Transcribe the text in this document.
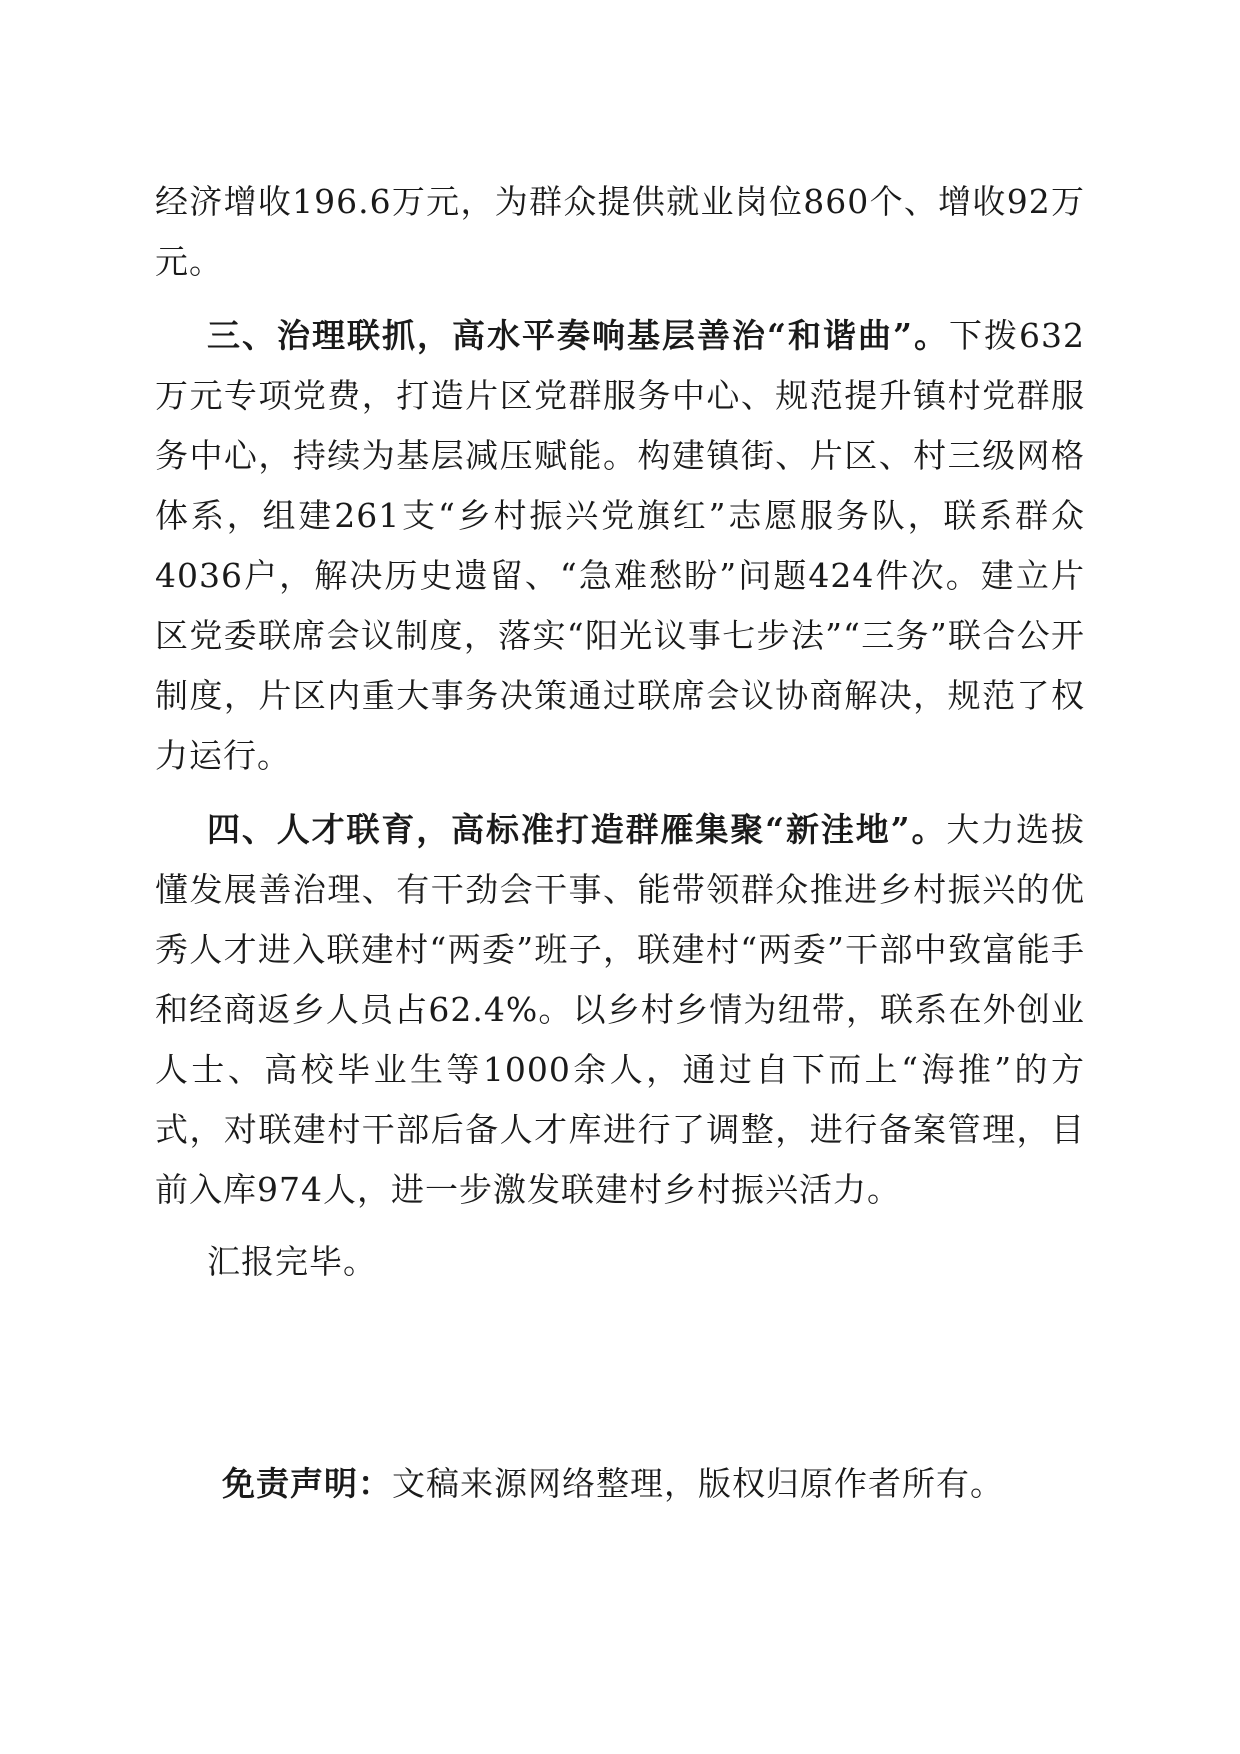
经济增收196.6万元，为群众提供就业岗位860个、增收92万元。

三、治理联抓，高水平奏响基层善治“和谐曲”。下拨632万元专项党费，打造片区党群服务中心、规范提升镇村党群服务中心，持续为基层减压赋能。构建镇街、片区、村三级网格体系，组建261支“乡村振兴党旗红”志愿服务队，联系群众4036户，解决历史遗留、“急难愁盼”问题424件次。建立片区党委联席会议制度，落实“阳光议事七步法”“三务”联合公开制度，片区内重大事务决策通过联席会议协商解决，规范了权力运行。

四、人才联育，高标准打造群雁集聚“新洼地”。大力选拔懂发展善治理、有干劲会干事、能带领群众推进乡村振兴的优秀人才进入联建村“两委”班子，联建村“两委”干部中致富能手和经商返乡人员占62.4%。以乡村乡情为纽带，联系在外创业人士、高校毕业生等1000余人，通过自下而上“海推”的方式，对联建村干部后备人才库进行了调整，进行备案管理，目前入库974人，进一步激发联建村乡村振兴活力。

汇报完毕。

免责声明：文稿来源网络整理，版权归原作者所有。
